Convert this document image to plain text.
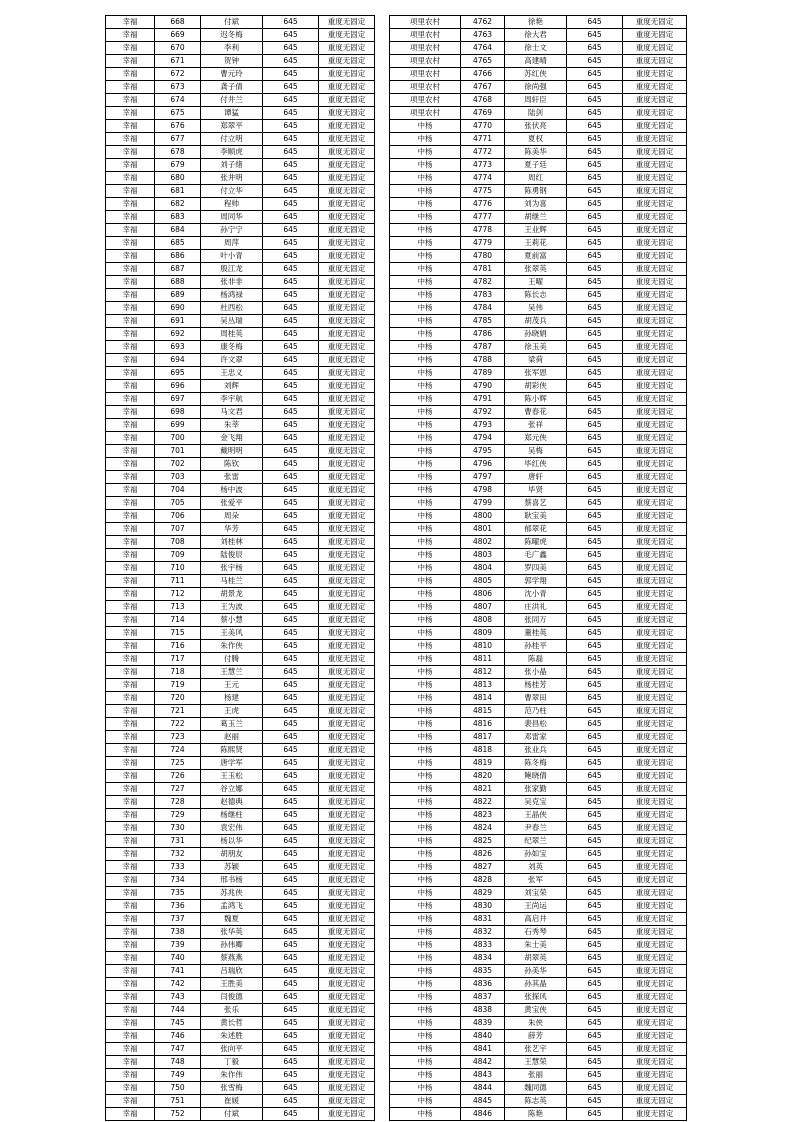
幸福	668	付斌	645	重度无固定
幸福	669	迟冬梅	645	重度无固定
幸福	670	李利	645	重度无固定
幸福	671	贺钟	645	重度无固定
幸福	672	曹元玲	645	重度无固定
幸福	673	龚子倩	645	重度无固定
幸福	674	付井兰	645	重度无固定
幸福	675	谭猛	645	重度无固定
幸福	676	郑翠平	645	重度无固定
幸福	677	付立明	645	重度无固定
幸福	678	李顺虎	645	重度无固定
幸福	679	刘子绪	645	重度无固定
幸福	680	张井明	645	重度无固定
幸福	681	付立华	645	重度无固定
幸福	682	程帅	645	重度无固定
幸福	683	周同华	645	重度无固定
幸福	684	孙宁宁	645	重度无固定
幸福	685	周萍	645	重度无固定
幸福	686	叶小青	645	重度无固定
幸福	687	殷江龙	645	重度无固定
幸福	688	张非非	645	重度无固定
幸福	689	杨鸿禄	645	重度无固定
幸福	690	杜西松	645	重度无固定
幸福	691	吴丛瑞	645	重度无固定
幸福	692	周桂英	645	重度无固定
幸福	693	康冬梅	645	重度无固定
幸福	694	许文翠	645	重度无固定
幸福	695	王忠义	645	重度无固定
幸福	696	刘辉	645	重度无固定
幸福	697	李宇航	645	重度无固定
幸福	698	马文君	645	重度无固定
幸福	699	朱莘	645	重度无固定
幸福	700	金飞翔	645	重度无固定
幸福	701	戴明明	645	重度无固定
幸福	702	陈钦	645	重度无固定
幸福	703	张雷	645	重度无固定
幸福	704	杨中波	645	重度无固定
幸福	705	张爱平	645	重度无固定
幸福	706	周朵	645	重度无固定
幸福	707	华芳	645	重度无固定
幸福	708	刘桂林	645	重度无固定
幸福	709	陆俊辰	645	重度无固定
幸福	710	张宇杨	645	重度无固定
幸福	711	马桂兰	645	重度无固定
幸福	712	胡景龙	645	重度无固定
幸福	713	王为波	645	重度无固定
幸福	714	蔡小慧	645	重度无固定
幸福	715	王美风	645	重度无固定
幸福	716	朱作侠	645	重度无固定
幸福	717	付腾	645	重度无固定
幸福	718	王慧兰	645	重度无固定
幸福	719	王元	645	重度无固定
幸福	720	杨建	645	重度无固定
幸福	721	王虎	645	重度无固定
幸福	722	葛玉兰	645	重度无固定
幸福	723	赵丽	645	重度无固定
幸福	724	陈熙贤	645	重度无固定
幸福	725	唐学军	645	重度无固定
幸福	726	王玉松	645	重度无固定
幸福	727	谷立娜	645	重度无固定
幸福	728	赵德典	645	重度无固定
幸福	729	杨继柱	645	重度无固定
幸福	730	袁宏伟	645	重度无固定
幸福	731	杨以华	645	重度无固定
幸福	732	胡朋友	645	重度无固定
幸福	733	苏颖	645	重度无固定
幸福	734	邢书杨	645	重度无固定
幸福	735	苏兆侠	645	重度无固定
幸福	736	孟鸿飞	645	重度无固定
幸福	737	魏夏	645	重度无固定
幸福	738	张华英	645	重度无固定
幸福	739	孙伟卿	645	重度无固定
幸福	740	蔡燕燕	645	重度无固定
幸福	741	吕瑞欣	645	重度无固定
幸福	742	王胜美	645	重度无固定
幸福	743	闫俊德	645	重度无固定
幸福	744	张乐	645	重度无固定
幸福	745	黄长哲	645	重度无固定
幸福	746	朱述胜	645	重度无固定
幸福	747	张向平	645	重度无固定
幸福	748	丁毅	645	重度无固定
幸福	749	朱作伟	645	重度无固定
幸福	750	张雪梅	645	重度无固定
幸福	751	崔媛	645	重度无固定
幸福	752	付斌	645	重度无固定
项里农村	4762	徐艳	645	重度无固定
项里农村	4763	徐大君	645	重度无固定
项里农村	4764	徐士文	645	重度无固定
项里农村	4765	高建晴	645	重度无固定
项里农村	4766	苏红侠	645	重度无固定
项里农村	4767	徐尚强	645	重度无固定
项里农村	4768	周轩臣	645	重度无固定
项里农村	4769	陆剑	645	重度无固定
中杨	4770	张伏亮	645	重度无固定
中杨	4771	夏权	645	重度无固定
中杨	4772	陈美华	645	重度无固定
中杨	4773	夏子廷	645	重度无固定
中杨	4774	周红	645	重度无固定
中杨	4775	陈勇钢	645	重度无固定
中杨	4776	刘为喜	645	重度无固定
中杨	4777	胡继兰	645	重度无固定
中杨	4778	王业辉	645	重度无固定
中杨	4779	王莉花	645	重度无固定
中杨	4780	夏前富	645	重度无固定
中杨	4781	张翠英	645	重度无固定
中杨	4782	王曜	645	重度无固定
中杨	4783	陈长志	645	重度无固定
中杨	4784	吴伟	645	重度无固定
中杨	4785	胡茂兵	645	重度无固定
中杨	4786	孙晓娟	645	重度无固定
中杨	4787	徐玉美	645	重度无固定
中杨	4788	梁荷	645	重度无固定
中杨	4789	张军恩	645	重度无固定
中杨	4790	胡彩侠	645	重度无固定
中杨	4791	陈小辉	645	重度无固定
中杨	4792	曹春花	645	重度无固定
中杨	4793	张祥	645	重度无固定
中杨	4794	郑元侠	645	重度无固定
中杨	4795	吴梅	645	重度无固定
中杨	4796	毕红侠	645	重度无固定
中杨	4797	唐轩	645	重度无固定
中杨	4798	毕贤	645	重度无固定
中杨	4799	蔡喜艺	645	重度无固定
中杨	4800	耿宝美	645	重度无固定
中杨	4801	郁翠花	645	重度无固定
中杨	4802	陈曜虎	645	重度无固定
中杨	4803	毛广鑫	645	重度无固定
中杨	4804	罗四美	645	重度无固定
中杨	4805	郭学翔	645	重度无固定
中杨	4806	沈小青	645	重度无固定
中杨	4807	庄洪礼	645	重度无固定
中杨	4808	张同万	645	重度无固定
中杨	4809	董桂英	645	重度无固定
中杨	4810	孙桂平	645	重度无固定
中杨	4811	陈磊	645	重度无固定
中杨	4812	张小晶	645	重度无固定
中杨	4813	杨桂芳	645	重度无固定
中杨	4814	曹翠田	645	重度无固定
中杨	4815	范乃柱	645	重度无固定
中杨	4816	裴昌松	645	重度无固定
中杨	4817	邓雷家	645	重度无固定
中杨	4818	张业兵	645	重度无固定
中杨	4819	陈冬梅	645	重度无固定
中杨	4820	鲍晓倩	645	重度无固定
中杨	4821	张家勤	645	重度无固定
中杨	4822	吴克宝	645	重度无固定
中杨	4823	王晶侠	645	重度无固定
中杨	4824	尹春兰	645	重度无固定
中杨	4825	纪翠兰	645	重度无固定
中杨	4826	孙如宝	645	重度无固定
中杨	4827	刘英	645	重度无固定
中杨	4828	张军	645	重度无固定
中杨	4829	刘宝荣	645	重度无固定
中杨	4830	王尚运	645	重度无固定
中杨	4831	高启井	645	重度无固定
中杨	4832	石秀琴	645	重度无固定
中杨	4833	朱士美	645	重度无固定
中杨	4834	胡翠英	645	重度无固定
中杨	4835	孙美华	645	重度无固定
中杨	4836	孙其晶	645	重度无固定
中杨	4837	张探风	645	重度无固定
中杨	4838	黄宝侠	645	重度无固定
中杨	4839	朱侠	645	重度无固定
中杨	4840	薛芳	645	重度无固定
中杨	4841	张艺宇	645	重度无固定
中杨	4842	王慧荣	645	重度无固定
中杨	4843	张丽	645	重度无固定
中杨	4844	魏同德	645	重度无固定
中杨	4845	陈志英	645	重度无固定
中杨	4846	陈艳	645	重度无固定
